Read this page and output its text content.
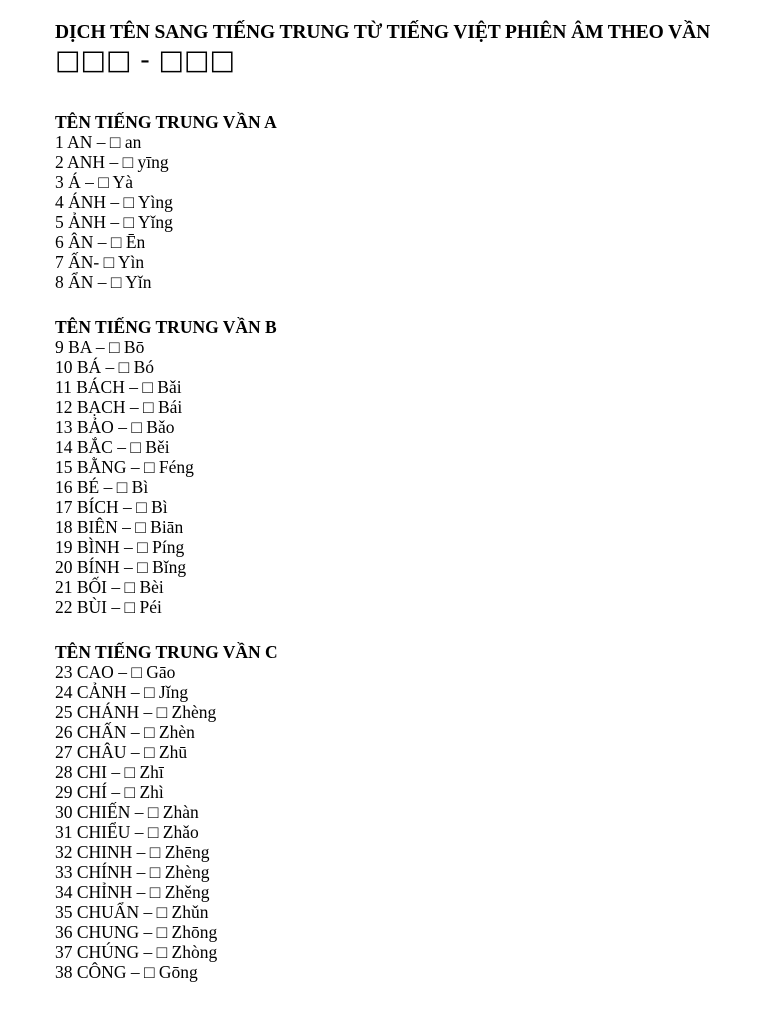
DỊCH TÊN SANG TIẾNG TRUNG TỪ TIẾNG VIỆT PHIÊN ÂM THEO VẦN
□□□ - □□□
TÊN TIẾNG TRUNG VẦN A
1 AN – □ an
2 ANH – □ yīng
3 Á – □ Yà
4 ÁNH – □ Yìng
5 ẢNH – □ Yǐng
6 ÂN – □ Ēn
7 ẤN- □ Yìn
8 ẨN – □ Yǐn
TÊN TIẾNG TRUNG VẦN B
9 BA – □ Bō
10 BÁ – □ Bó
11 BÁCH – □ Bǎi
12 BẠCH – □ Bái
13 BẢO – □ Bǎo
14 BẮC – □ Běi
15 BẰNG – □ Féng
16 BÉ – □ Bì
17 BÍCH – □ Bì
18 BIÊN – □ Biān
19 BÌNH – □ Píng
20 BÍNH – □ Bǐng
21 BỐI – □ Bèi
22 BÙI – □ Péi
TÊN TIẾNG TRUNG VẦN C
23 CAO – □ Gāo
24 CẢNH – □ Jǐng
25 CHÁNH – □ Zhèng
26 CHẤN – □ Zhèn
27 CHÂU – □ Zhū
28 CHI – □ Zhī
29 CHÍ – □ Zhì
30 CHIẾN – □ Zhàn
31 CHIỂU – □ Zhǎo
32 CHINH – □ Zhēng
33 CHÍNH – □ Zhèng
34 CHỈNH – □ Zhěng
35 CHUẨN – □ Zhǔn
36 CHUNG – □ Zhōng
37 CHÚNG – □ Zhòng
38 CÔNG – □ Gōng
